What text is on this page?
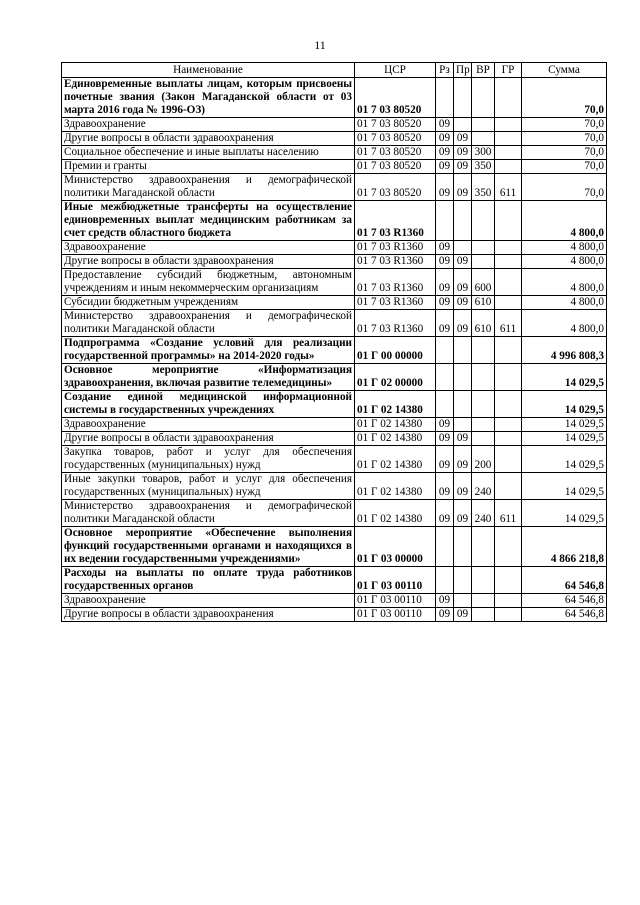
11
Наименование	ЦСР	Рз	Пр	ВР	ГР	Сумма
Единовременные выплаты лицам, которым присвоены почетные звания (Закон Магаданской области от 03 марта 2016 года № 1996-ОЗ)	01 7 03 80520					70,0
Здравоохранение	01 7 03 80520	09				70,0
Другие вопросы в области здравоохранения	01 7 03 80520	09	09			70,0
Социальное обеспечение и иные выплаты населению	01 7 03 80520	09	09	300		70,0
Премии и гранты	01 7 03 80520	09	09	350		70,0
Министерство здравоохранения и демографической политики Магаданской области	01 7 03 80520	09	09	350	611	70,0
Иные межбюджетные трансферты на осуществление единовременных выплат медицинским работникам за счет средств областного бюджета	01 7 03 R1360					4 800,0
Здравоохранение	01 7 03 R1360	09				4 800,0
Другие вопросы в области здравоохранения	01 7 03 R1360	09	09			4 800,0
Предоставление субсидий бюджетным, автономным учреждениям и иным некоммерческим организациям	01 7 03 R1360	09	09	600		4 800,0
Субсидии бюджетным учреждениям	01 7 03 R1360	09	09	610		4 800,0
Министерство здравоохранения и демографической политики Магаданской области	01 7 03 R1360	09	09	610	611	4 800,0
Подпрограмма «Создание условий для реализации государственной программы» на 2014-2020 годы»	01 Г 00 00000					4 996 808,3
Основное мероприятие «Информатизация здравоохранения, включая развитие телемедицины»	01 Г 02 00000					14 029,5
Создание единой медицинской информационной системы в государственных учреждениях	01 Г 02 14380					14 029,5
Здравоохранение	01 Г 02 14380	09				14 029,5
Другие вопросы в области здравоохранения	01 Г 02 14380	09	09			14 029,5
Закупка товаров, работ и услуг для обеспечения государственных (муниципальных) нужд	01 Г 02 14380	09	09	200		14 029,5
Иные закупки товаров, работ и услуг для обеспечения государственных (муниципальных) нужд	01 Г 02 14380	09	09	240		14 029,5
Министерство здравоохранения и демографической политики Магаданской области	01 Г 02 14380	09	09	240	611	14 029,5
Основное мероприятие «Обеспечение выполнения функций государственными органами и находящихся в их ведении государственными учреждениями»	01 Г 03 00000					4 866 218,8
Расходы на выплаты по оплате труда работников государственных органов	01 Г 03 00110					64 546,8
Здравоохранение	01 Г 03 00110	09				64 546,8
Другие вопросы в области здравоохранения	01 Г 03 00110	09	09			64 546,8
